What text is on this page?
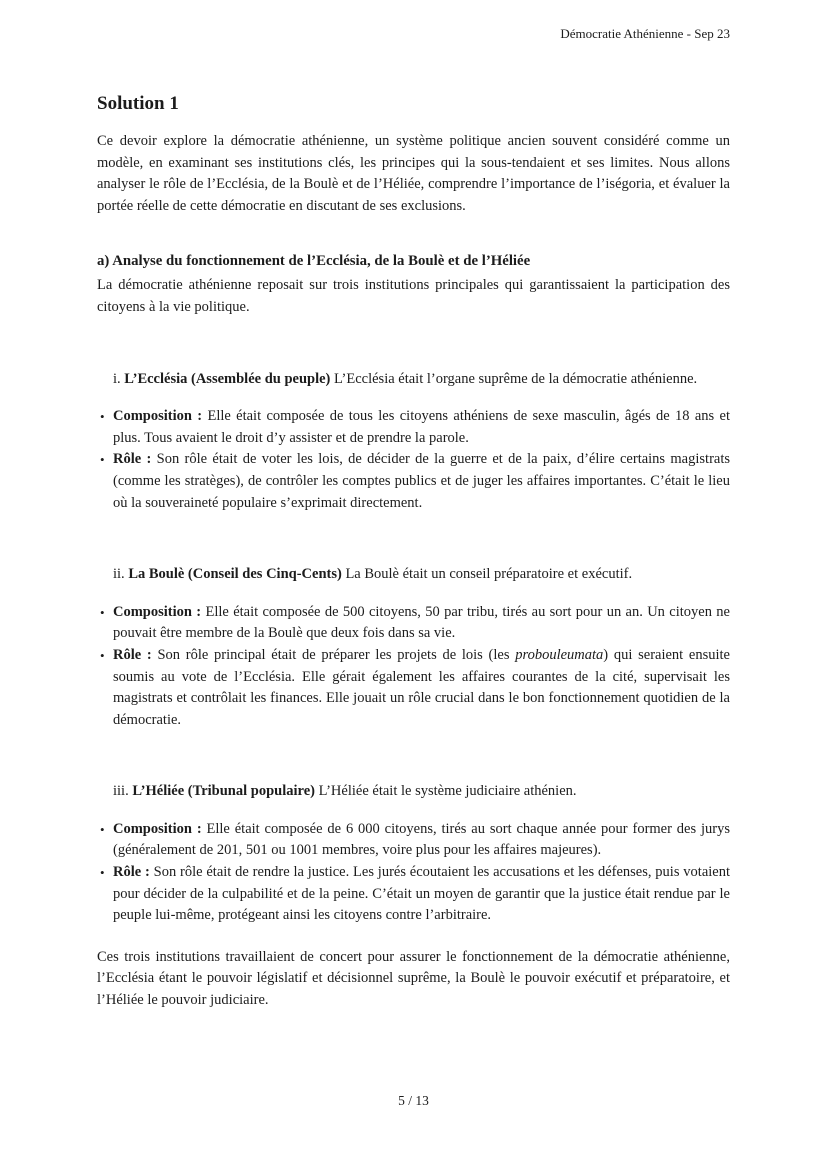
Démocratie Athénienne - Sep 23
Solution 1

Ce devoir explore la démocratie athénienne, un système politique ancien souvent considéré comme un modèle, en examinant ses institutions clés, les principes qui la sous-tendaient et ses limites. Nous allons analyser le rôle de l’Ecclésia, de la Boulè et de l’Héliée, comprendre l’importance de l’iségoria, et évaluer la portée réelle de cette démocratie en discutant de ses exclusions.

a) Analyse du fonctionnement de l’Ecclésia, de la Boulè et de l’Héliée

La démocratie athénienne reposait sur trois institutions principales qui garantissaient la participation des citoyens à la vie politique.

i. L’Ecclésia (Assemblée du peuple) L’Ecclésia était l’organe suprême de la démocratie athénienne.

• Composition : Elle était composée de tous les citoyens athéniens de sexe masculin, âgés de 18 ans et plus. Tous avaient le droit d’y assister et de prendre la parole.
• Rôle : Son rôle était de voter les lois, de décider de la guerre et de la paix, d’élire certains magistrats (comme les stratèges), de contrôler les comptes publics et de juger les affaires importantes. C’était le lieu où la souveraineté populaire s’exprimait directement.

ii. La Boulè (Conseil des Cinq-Cents) La Boulè était un conseil préparatoire et exécutif.

• Composition : Elle était composée de 500 citoyens, 50 par tribu, tirés au sort pour un an. Un citoyen ne pouvait être membre de la Boulè que deux fois dans sa vie.
• Rôle : Son rôle principal était de préparer les projets de lois (les probouleumata) qui seraient ensuite soumis au vote de l’Ecclésia. Elle gérait également les affaires courantes de la cité, supervisait les magistrats et contrôlait les finances. Elle jouait un rôle crucial dans le bon fonctionnement quotidien de la démocratie.

iii. L’Héliée (Tribunal populaire) L’Héliée était le système judiciaire athénien.

• Composition : Elle était composée de 6 000 citoyens, tirés au sort chaque année pour former des jurys (généralement de 201, 501 ou 1001 membres, voire plus pour les affaires majeures).
• Rôle : Son rôle était de rendre la justice. Les jurés écoutaient les accusations et les défenses, puis votaient pour décider de la culpabilité et de la peine. C’était un moyen de garantir que la justice était rendue par le peuple lui-même, protégeant ainsi les citoyens contre l’arbitraire.

Ces trois institutions travaillaient de concert pour assurer le fonctionnement de la démocratie athénienne, l’Ecclésia étant le pouvoir législatif et décisionnel suprême, la Boulè le pouvoir exécutif et préparatoire, et l’Héliée le pouvoir judiciaire.

5 / 13
